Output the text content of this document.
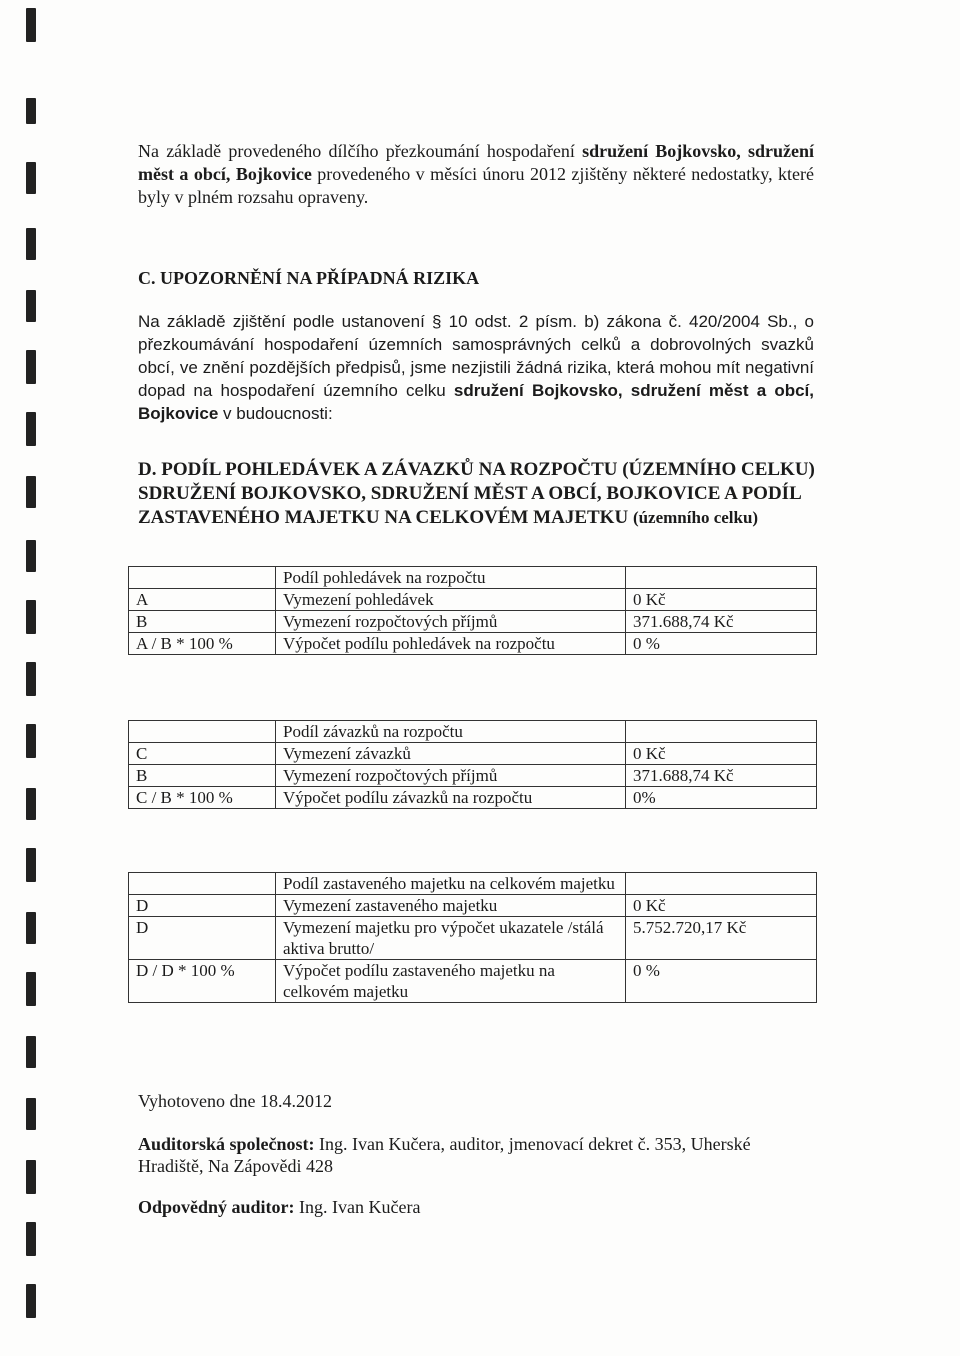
Na základě provedeného dílčího přezkoumání hospodaření sdružení Bojkovsko, sdružení měst a obcí, Bojkovice provedeného v měsíci únoru 2012 zjištěny některé nedostatky, které byly v plném rozsahu opraveny.
C. UPOZORNĚNÍ NA PŘÍPADNÁ RIZIKA
Na základě zjištění podle ustanovení § 10 odst. 2 písm. b) zákona č. 420/2004 Sb., o přezkoumávání hospodaření územních samosprávných celků a dobrovolných svazků obcí, ve znění pozdějších předpisů, jsme nezjistili žádná rizika, která mohou mít negativní dopad na hospodaření územního celku sdružení Bojkovsko, sdružení měst a obcí, Bojkovice v budoucnosti:
D. PODÍL POHLEDÁVEK A ZÁVAZKŮ NA ROZPOČTU (ÚZEMNÍHO CELKU) SDRUŽENÍ BOJKOVSKO, SDRUŽENÍ MĚST A OBCÍ, BOJKOVICE A PODÍL ZASTAVENÉHO MAJETKU NA CELKOVÉM MAJETKU (územního celku)
	Podíl pohledávek na rozpočtu	
A	Vymezení pohledávek	0 Kč
B	Vymezení rozpočtových příjmů	371.688,74 Kč
A / B * 100 %	Výpočet podílu pohledávek na rozpočtu	0 %
	Podíl závazků na rozpočtu	
C	Vymezení závazků	0 Kč
B	Vymezení rozpočtových příjmů	371.688,74 Kč
C / B * 100 %	Výpočet podílu závazků na rozpočtu	0%
	Podíl zastaveného majetku na celkovém majetku	
D	Vymezení zastaveného majetku	0 Kč
D	Vymezení majetku pro výpočet ukazatele /stálá aktiva brutto/	5.752.720,17 Kč
D / D * 100 %	Výpočet podílu zastaveného majetku na celkovém majetku	0 %
Vyhotoveno dne 18.4.2012
Auditorská společnost: Ing. Ivan Kučera, auditor, jmenovací dekret č. 353, Uherské Hradiště, Na Zápovědi 428
Odpovědný auditor: Ing. Ivan Kučera
